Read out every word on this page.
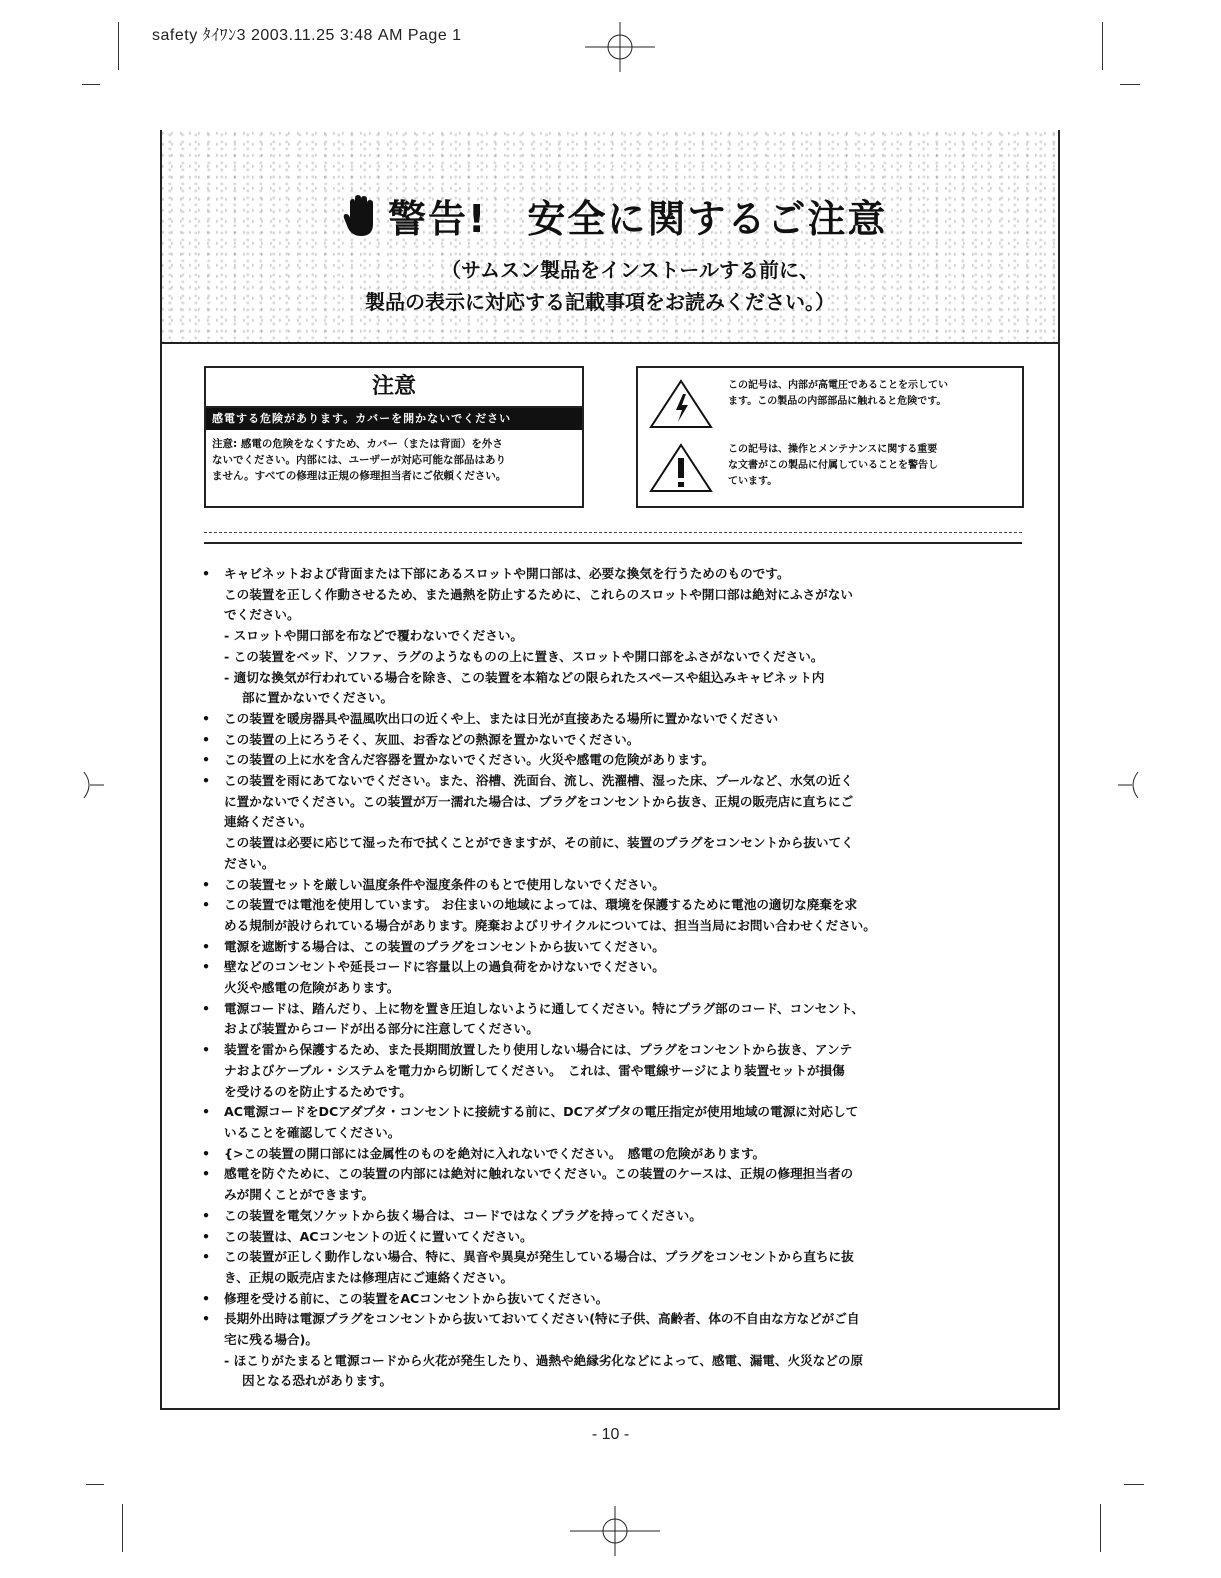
safety ﾀｲﾜﾝ3 2003.11.25 3:48 AM Page 1
警告!　安全に関するご注意
（サムスン製品をインストールする前に、
製品の表示に対応する記載事項をお読みください。）
注意
感電する危険があります。カバーを開かないでください
注意: 感電の危険をなくすため、カバー（または背面）を外さ
ないでください。内部には、ユーザーが対応可能な部品はあり
ません。すべての修理は正規の修理担当者にご依頼ください。
この記号は、内部が高電圧であることを示してい
ます。この製品の内部部品に触れると危険です。
この記号は、操作とメンテナンスに関する重要
な文書がこの製品に付属していることを警告し
ています。
• キャビネットおよび背面または下部にあるスロットや開口部は、必要な換気を行うためのものです。
この装置を正しく作動させるため、また過熱を防止するために、これらのスロットや開口部は絶対にふさがない
でください。
- スロットや開口部を布などで覆わないでください。
- この装置をベッド、ソファ、ラグのようなものの上に置き、スロットや開口部をふさがないでください。
- 適切な換気が行われている場合を除き、この装置を本箱などの限られたスペースや組込みキャビネット内
部に置かないでください。
• この装置を暖房器具や温風吹出口の近くや上、または日光が直接あたる場所に置かないでください
• この装置の上にろうそく、灰皿、お香などの熱源を置かないでください。
• この装置の上に水を含んだ容器を置かないでください。火災や感電の危険があります。
• この装置を雨にあてないでください。また、浴槽、洗面台、流し、洗濯槽、湿った床、プールなど、水気の近く
に置かないでください。この装置が万一濡れた場合は、プラグをコンセントから抜き、正規の販売店に直ちにご
連絡ください。
この装置は必要に応じて湿った布で拭くことができますが、その前に、装置のプラグをコンセントから抜いてく
ださい。
• この装置セットを厳しい温度条件や湿度条件のもとで使用しないでください。
• この装置では電池を使用しています。 お住まいの地域によっては、環境を保護するために電池の適切な廃棄を求
める規制が設けられている場合があります。廃棄およびリサイクルについては、担当当局にお問い合わせください。
• 電源を遮断する場合は、この装置のプラグをコンセントから抜いてください。
• 壁などのコンセントや延長コードに容量以上の過負荷をかけないでください。
火災や感電の危険があります。
• 電源コードは、踏んだり、上に物を置き圧迫しないように通してください。特にプラグ部のコード、コンセント、
および装置からコードが出る部分に注意してください。
• 装置を雷から保護するため、また長期間放置したり使用しない場合には、プラグをコンセントから抜き、アンテ
ナおよびケーブル・システムを電力から切断してください。　これは、雷や電線サージにより装置セットが損傷
を受けるのを防止するためです。
• AC電源コードをDCアダプタ・コンセントに接続する前に、DCアダプタの電圧指定が使用地域の電源に対応して
いることを確認してください。
• {>この装置の開口部には金属性のものを絶対に入れないでください。　感電の危険があります。
• 感電を防ぐために、この装置の内部には絶対に触れないでください。この装置のケースは、正規の修理担当者の
みが開くことができます。
• この装置を電気ソケットから抜く場合は、コードではなくプラグを持ってください。
• この装置は、ACコンセントの近くに置いてください。
• この装置が正しく動作しない場合、特に、異音や異臭が発生している場合は、プラグをコンセントから直ちに抜
き、正規の販売店または修理店にご連絡ください。
• 修理を受ける前に、この装置をACコンセントから抜いてください。
• 長期外出時は電源プラグをコンセントから抜いておいてください(特に子供、高齢者、体の不自由な方などがご自
宅に残る場合)。
- ほこりがたまると電源コードから火花が発生したり、過熱や絶縁劣化などによって、感電、漏電、火災などの原
因となる恐れがあります。
- 10 -
